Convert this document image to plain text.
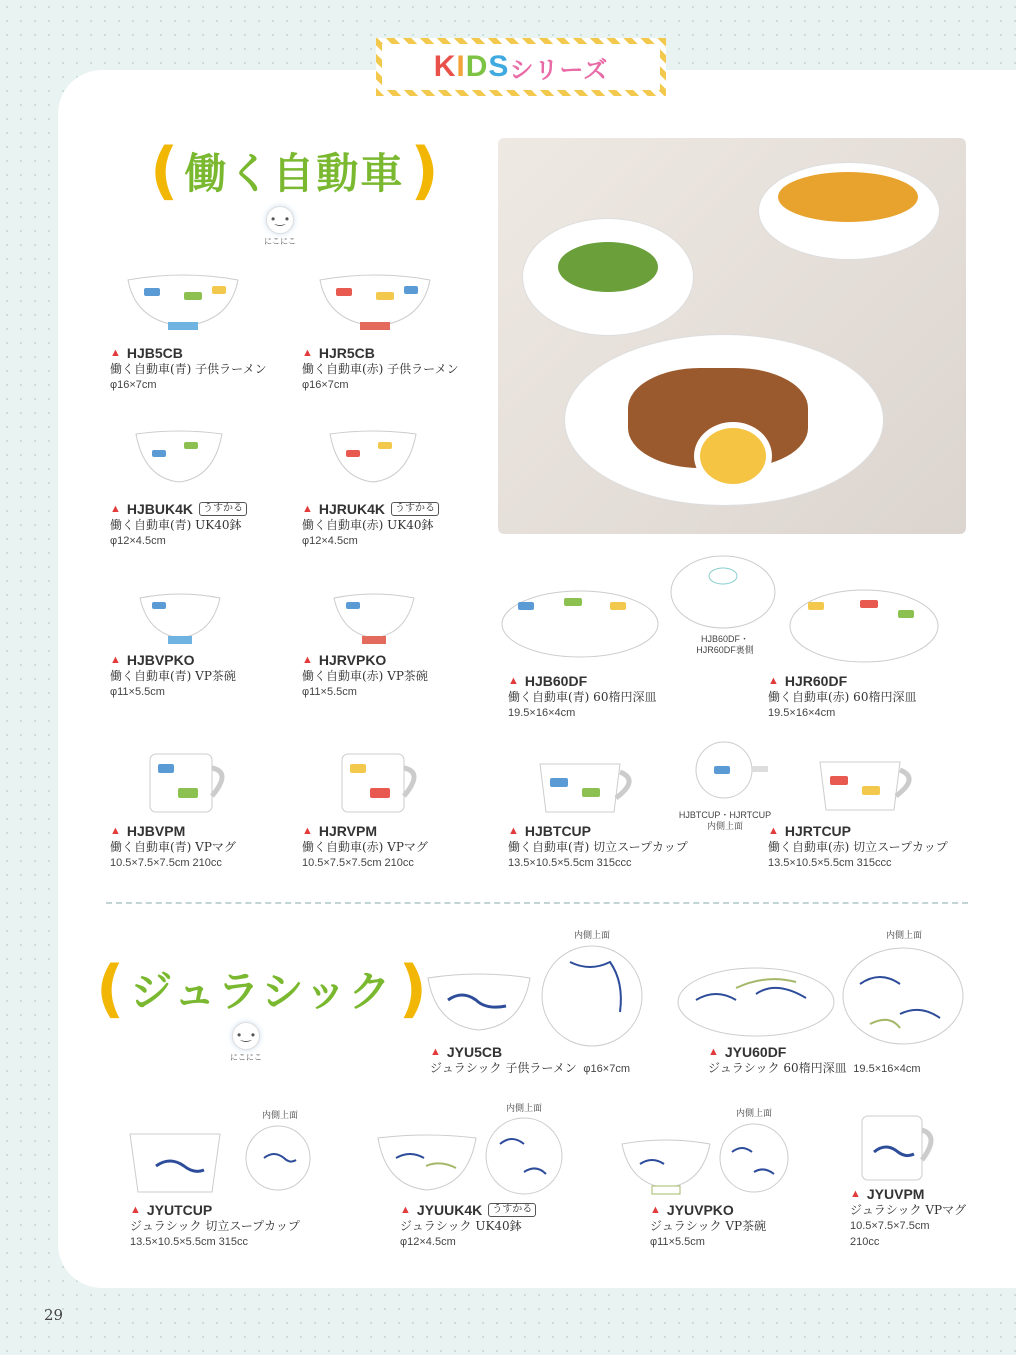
K I D S シリーズ
( 働く自動車 )
•‿•
にこにこ
▲ HJB5CB
働く自動車(青) 子供ラーメン
φ16×7cm
▲ HJR5CB
働く自動車(赤) 子供ラーメン
φ16×7cm
▲ HJBUK4K	うすかる
働く自動車(青) UK40鉢
φ12×4.5cm
▲ HJRUK4K	うすかる
働く自動車(赤) UK40鉢
φ12×4.5cm
▲ HJBVPKO
働く自動車(青) VP茶碗
φ11×5.5cm
▲ HJRVPKO
働く自動車(赤) VP茶碗
φ11×5.5cm
▲ HJB60DF
働く自動車(青) 60楕円深皿
19.5×16×4cm
HJB60DF・
HJR60DF裏側
▲ HJR60DF
働く自動車(赤) 60楕円深皿
19.5×16×4cm
▲ HJBVPM
働く自動車(青) VPマグ
10.5×7.5×7.5cm 210cc
▲ HJRVPM
働く自動車(赤) VPマグ
10.5×7.5×7.5cm 210cc
▲ HJBTCUP
働く自動車(青) 切立スープカップ
13.5×10.5×5.5cm 315ccc
HJBTCUP・HJRTCUP
内側上面	▲ HJRTCUP
働く自動車(赤) 切立スープカップ
13.5×10.5×5.5cm 315ccc
( ジュラシック )
•‿•
にこにこ
内側上面	内側上面
内側上面
内側上面	内側上面
▲ JYU5CB
ジュラシック 子供ラーメン φ16×7cm
▲ JYU60DF
ジュラシック 60楕円深皿 19.5×16×4cm
▲ JYUTCUP
ジュラシック 切立スープカップ
13.5×10.5×5.5cm 315cc
▲ JYUUK4K	うすかる
ジュラシック UK40鉢
φ12×4.5cm
▲ JYUVPKO
ジュラシック VP茶碗
φ11×5.5cm
▲ JYUVPM
ジュラシック VPマグ
10.5×7.5×7.5cm
210cc
29
